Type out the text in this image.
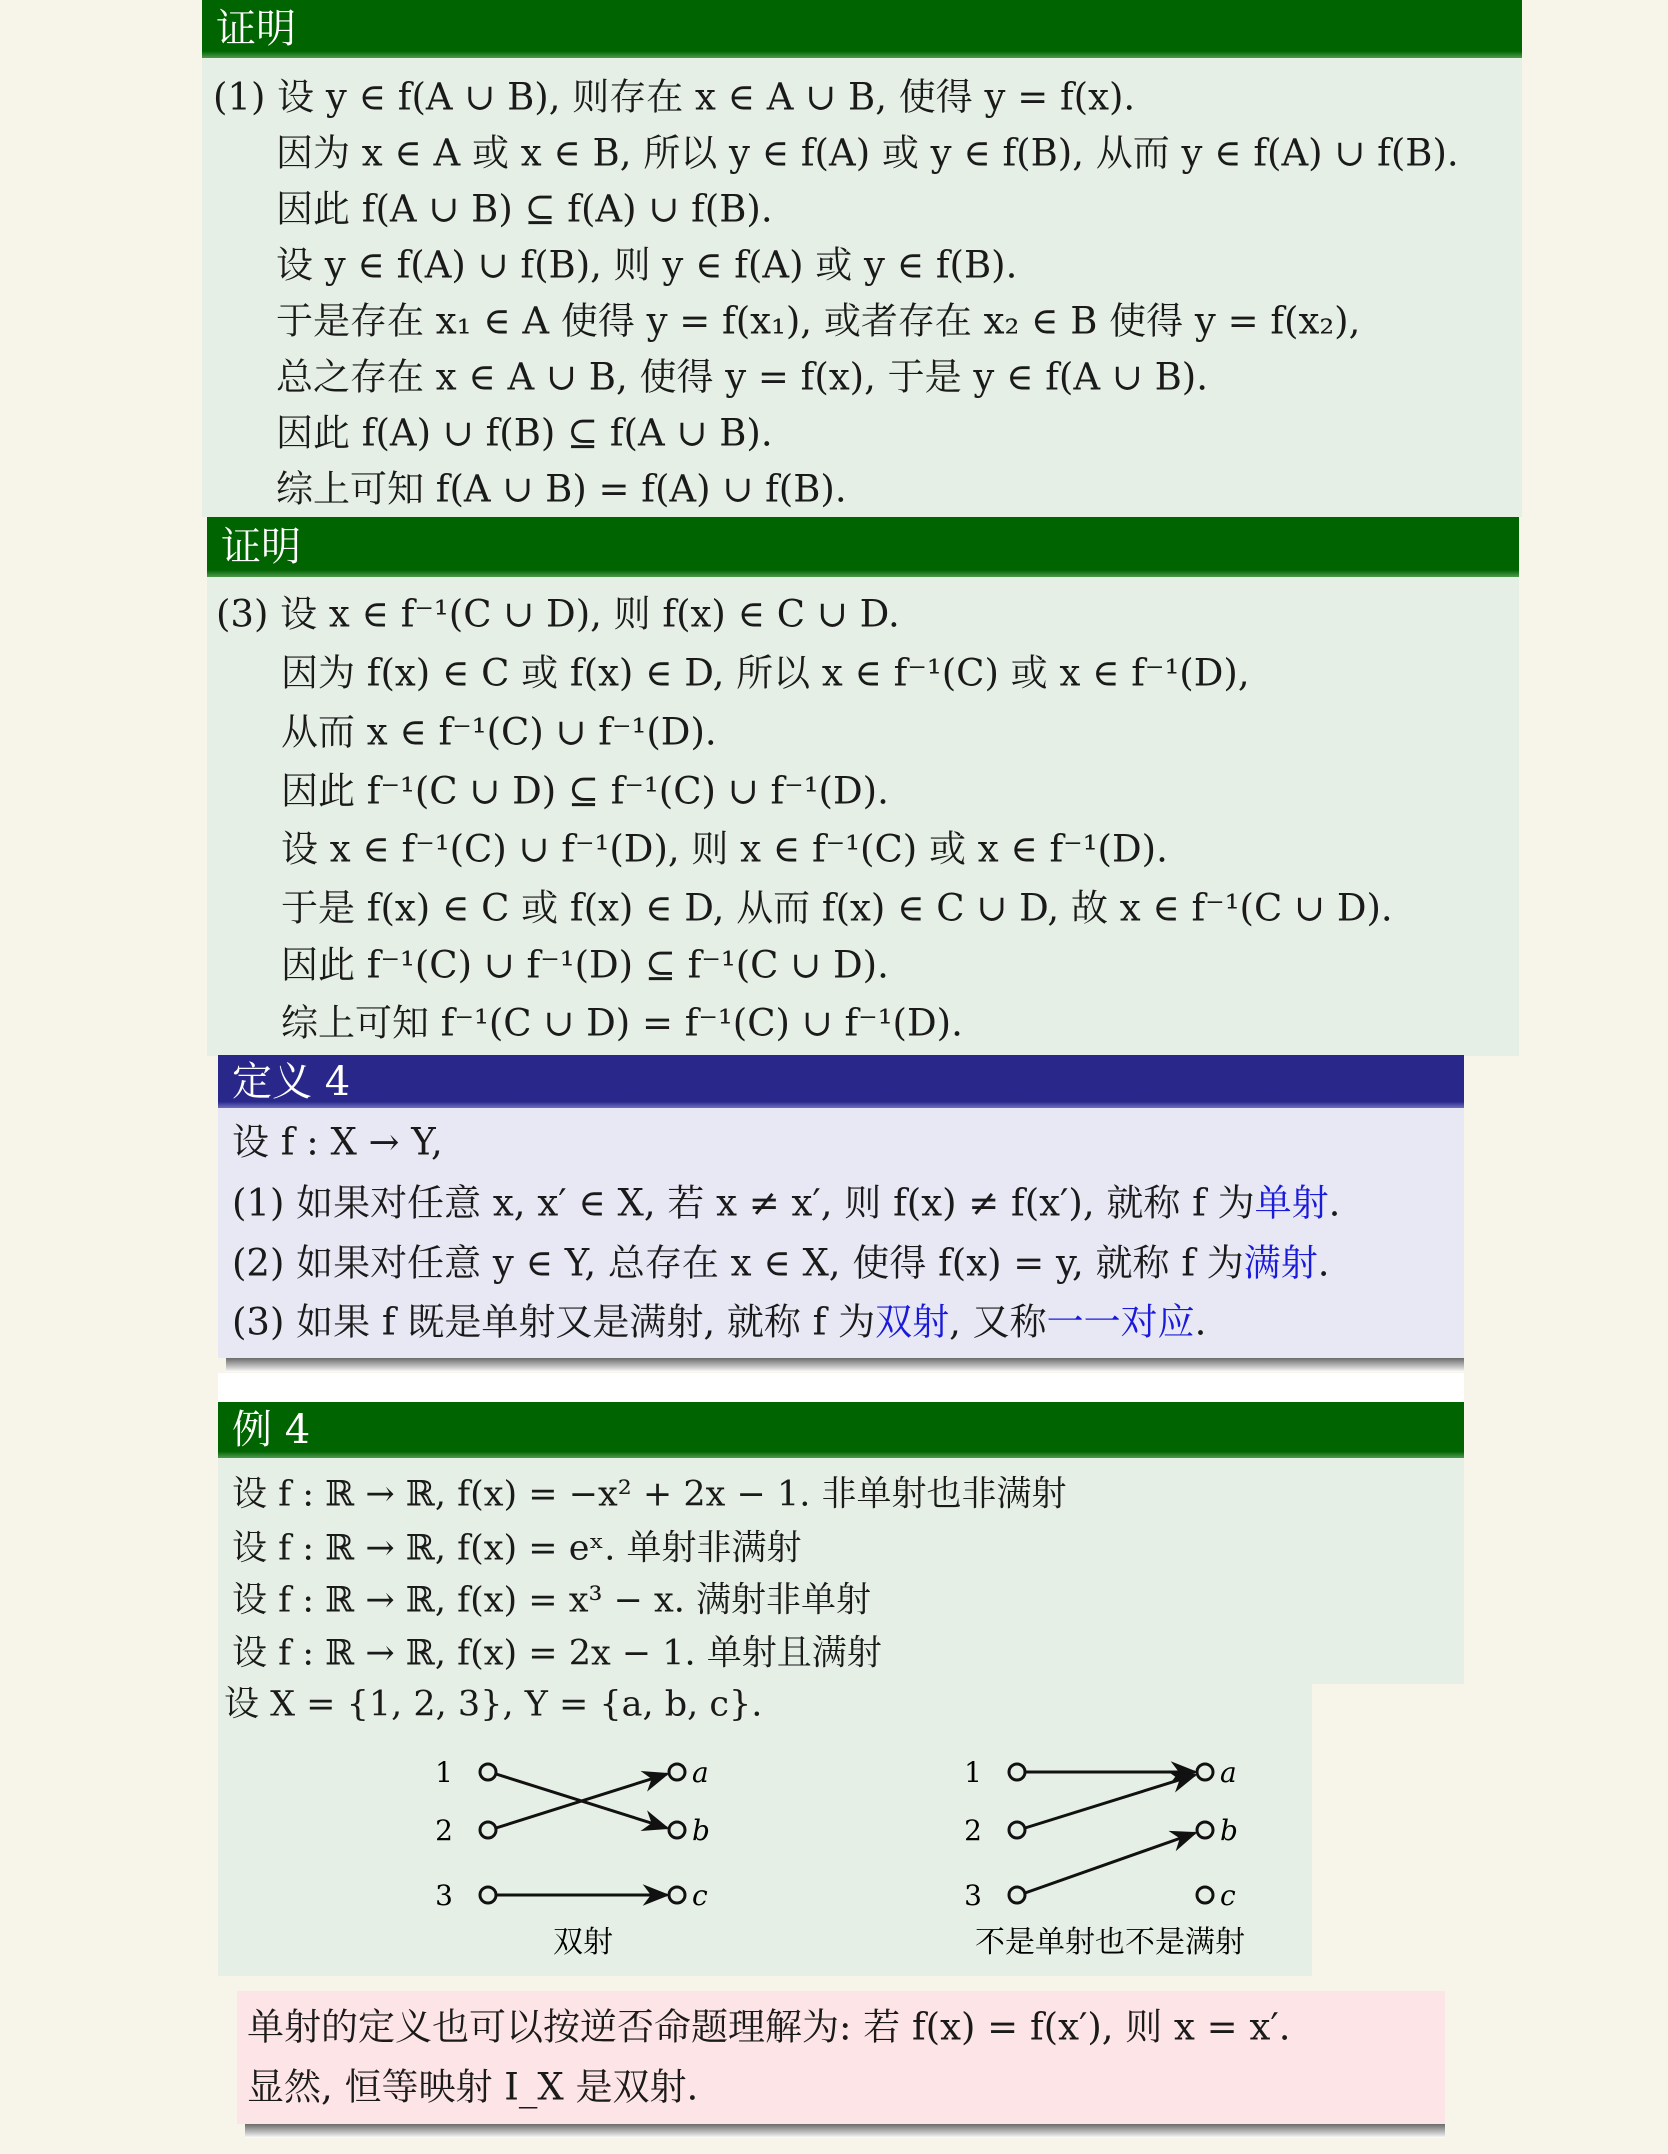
证明
(1) 设 y ∈ f(A ∪ B), 则存在 x ∈ A ∪ B, 使得 y = f(x).
因为 x ∈ A 或 x ∈ B, 所以 y ∈ f(A) 或 y ∈ f(B), 从而 y ∈ f(A) ∪ f(B).
因此 f(A ∪ B) ⊆ f(A) ∪ f(B).
设 y ∈ f(A) ∪ f(B), 则 y ∈ f(A) 或 y ∈ f(B).
于是存在 x₁ ∈ A 使得 y = f(x₁), 或者存在 x₂ ∈ B 使得 y = f(x₂),
总之存在 x ∈ A ∪ B, 使得 y = f(x), 于是 y ∈ f(A ∪ B).
因此 f(A) ∪ f(B) ⊆ f(A ∪ B).
综上可知 f(A ∪ B) = f(A) ∪ f(B).
证明
(3) 设 x ∈ f⁻¹(C ∪ D), 则 f(x) ∈ C ∪ D.
因为 f(x) ∈ C 或 f(x) ∈ D, 所以 x ∈ f⁻¹(C) 或 x ∈ f⁻¹(D),
从而 x ∈ f⁻¹(C) ∪ f⁻¹(D).
因此 f⁻¹(C ∪ D) ⊆ f⁻¹(C) ∪ f⁻¹(D).
设 x ∈ f⁻¹(C) ∪ f⁻¹(D), 则 x ∈ f⁻¹(C) 或 x ∈ f⁻¹(D).
于是 f(x) ∈ C 或 f(x) ∈ D, 从而 f(x) ∈ C ∪ D, 故 x ∈ f⁻¹(C ∪ D).
因此 f⁻¹(C) ∪ f⁻¹(D) ⊆ f⁻¹(C ∪ D).
综上可知 f⁻¹(C ∪ D) = f⁻¹(C) ∪ f⁻¹(D).
定义 4
设 f : X → Y,
(1) 如果对任意 x, x′ ∈ X, 若 x ≠ x′, 则 f(x) ≠ f(x′), 就称 f 为单射.
(2) 如果对任意 y ∈ Y, 总存在 x ∈ X, 使得 f(x) = y, 就称 f 为满射.
(3) 如果 f 既是单射又是满射, 就称 f 为双射, 又称一一对应.
例 4
设 f : ℝ → ℝ, f(x) = −x² + 2x − 1. 非单射也非满射
设 f : ℝ → ℝ, f(x) = eˣ. 单射非满射
设 f : ℝ → ℝ, f(x) = x³ − x. 满射非单射
设 f : ℝ → ℝ, f(x) = 2x − 1. 单射且满射
设 X = {1, 2, 3}, Y = {a, b, c}.
1
2
3
a
b
c
双射
1
2
3
a
b
c
不是单射也不是满射
单射的定义也可以按逆否命题理解为: 若 f(x) = f(x′), 则 x = x′.
显然, 恒等映射 I_X 是双射.
